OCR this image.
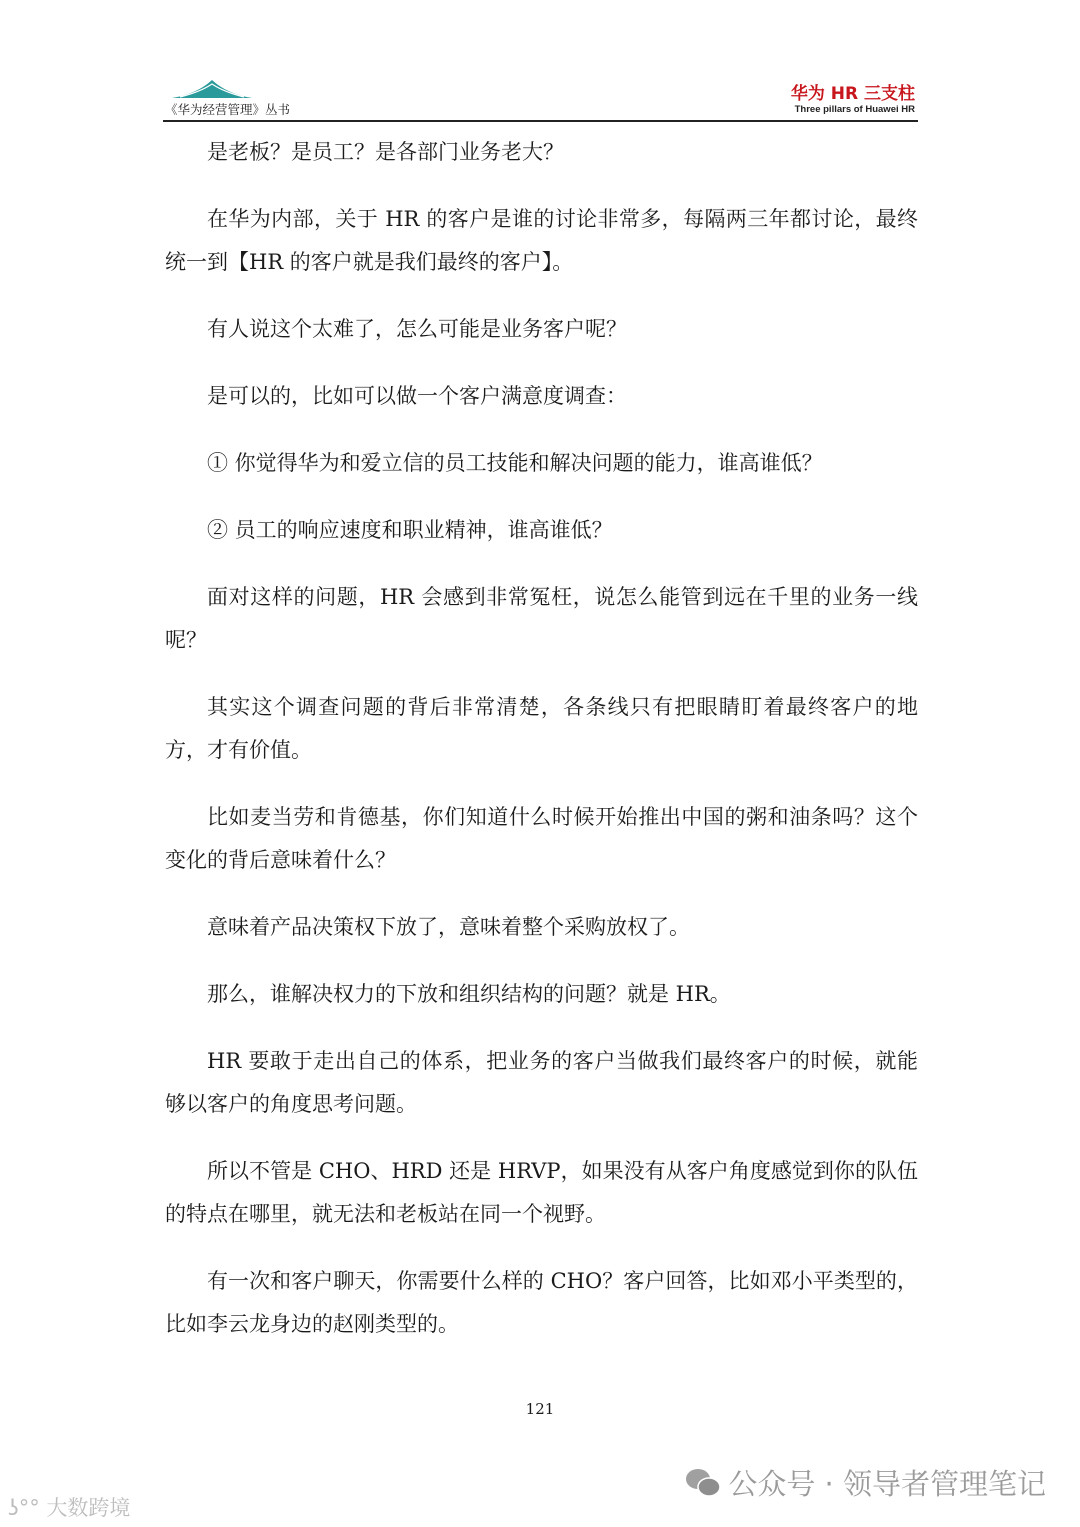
《华为经营管理》丛书
华为 HR 三支柱
Three pillars of Huawei HR

是老板？是员工？是各部门业务老大？

在华为内部，关于 HR 的客户是谁的讨论非常多，每隔两三年都讨论，最终统一到【HR 的客户就是我们最终的客户】。

有人说这个太难了，怎么可能是业务客户呢？

是可以的，比如可以做一个客户满意度调查：

① 你觉得华为和爱立信的员工技能和解决问题的能力，谁高谁低？

② 员工的响应速度和职业精神，谁高谁低？

面对这样的问题，HR 会感到非常冤枉，说怎么能管到远在千里的业务一线呢？

其实这个调查问题的背后非常清楚，各条线只有把眼睛盯着最终客户的地方，才有价值。

比如麦当劳和肯德基，你们知道什么时候开始推出中国的粥和油条吗？这个变化的背后意味着什么？

意味着产品决策权下放了，意味着整个采购放权了。

那么，谁解决权力的下放和组织结构的问题？就是 HR。

HR 要敢于走出自己的体系，把业务的客户当做我们最终客户的时候，就能够以客户的角度思考问题。

所以不管是 CHO、HRD 还是 HRVP，如果没有从客户角度感觉到你的队伍的特点在哪里，就无法和老板站在同一个视野。

有一次和客户聊天，你需要什么样的 CHO？客户回答，比如邓小平类型的，比如李云龙身边的赵刚类型的。

121
公众号 · 领导者管理笔记
ʖ°° 大数跨境
